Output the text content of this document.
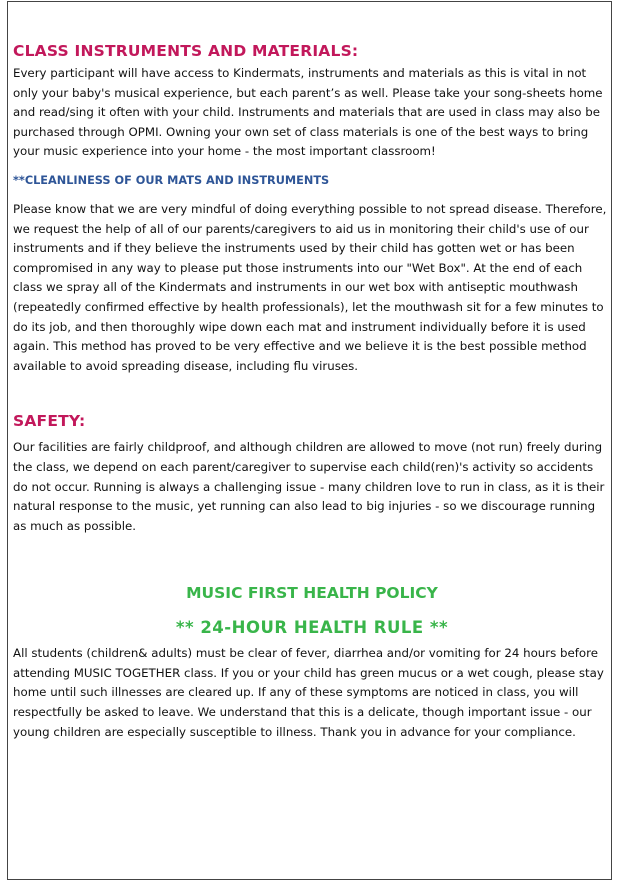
CLASS INSTRUMENTS AND MATERIALS:

Every participant will have access to Kindermats, instruments and materials as this is vital in not only your baby's musical experience, but each parent’s as well. Please take your song-sheets home and read/sing it often with your child. Instruments and materials that are used in class may also be purchased through OPMI. Owning your own set of class materials is one of the best ways to bring your music experience into your home - the most important classroom!

**CLEANLINESS OF OUR MATS AND INSTRUMENTS

Please know that we are very mindful of doing everything possible to not spread disease. Therefore, we request the help of all of our parents/caregivers to aid us in monitoring their child's use of our instruments and if they believe the instruments used by their child has gotten wet or has been compromised in any way to please put those instruments into our "Wet Box". At the end of each class we spray all of the Kindermats and instruments in our wet box with antiseptic mouthwash (repeatedly confirmed effective by health professionals), let the mouthwash sit for a few minutes to do its job, and then thoroughly wipe down each mat and instrument individually before it is used again. This method has proved to be very effective and we believe it is the best possible method available to avoid spreading disease, including flu viruses.

SAFETY:

Our facilities are fairly childproof, and although children are allowed to move (not run) freely during the class, we depend on each parent/caregiver to supervise each child(ren)'s activity so accidents do not occur. Running is always a challenging issue - many children love to run in class, as it is their natural response to the music, yet running can also lead to big injuries - so we discourage running as much as possible.

MUSIC FIRST HEALTH POLICY
** 24-HOUR HEALTH RULE **

All students (children& adults) must be clear of fever, diarrhea and/or vomiting for 24 hours before attending MUSIC TOGETHER class. If you or your child has green mucus or a wet cough, please stay home until such illnesses are cleared up. If any of these symptoms are noticed in class, you will respectfully be asked to leave. We understand that this is a delicate, though important issue - our young children are especially susceptible to illness. Thank you in advance for your compliance.
